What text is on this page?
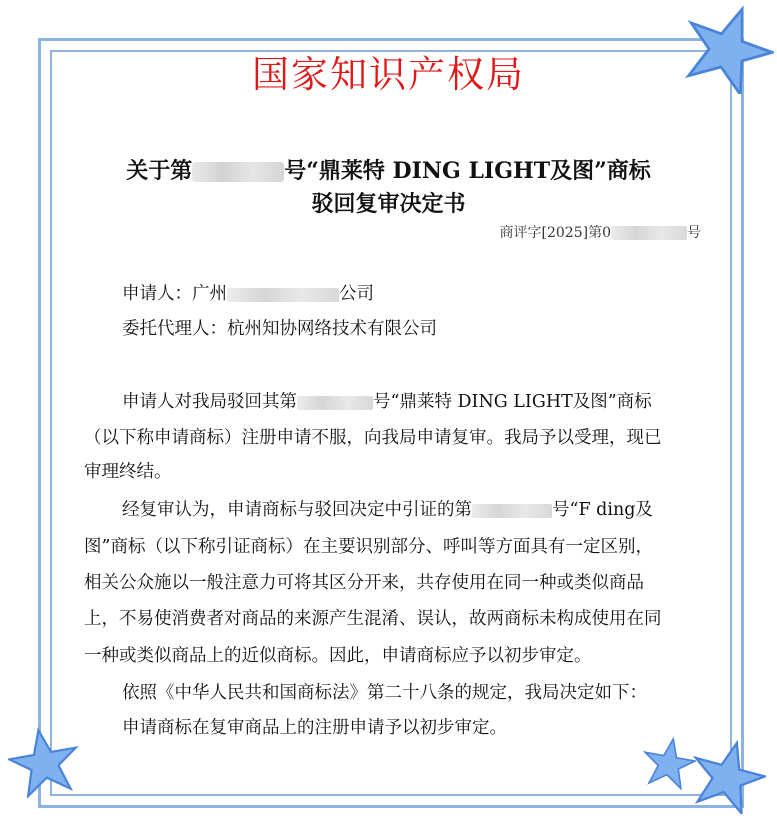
国家知识产权局
关于第	号“鼎莱特 DING LIGHT及图”商标
驳回复审决定书
商评字[2025]第0	号
申请人：广州	公司
委托代理人：杭州知协网络技术有限公司
申请人对我局驳回其第	号“鼎莱特 DING LIGHT及图”商标
（以下称申请商标）注册申请不服，向我局申请复审。我局予以受理，现已
审理终结。
经复审认为，申请商标与驳回决定中引证的第	号“F ding及
图”商标（以下称引证商标）在主要识别部分、呼叫等方面具有一定区别，
相关公众施以一般注意力可将其区分开来，共存使用在同一种或类似商品
上，不易使消费者对商品的来源产生混淆、误认，故两商标未构成使用在同
一种或类似商品上的近似商标。因此，申请商标应予以初步审定。
依照《中华人民共和国商标法》第二十八条的规定，我局决定如下：
申请商标在复审商品上的注册申请予以初步审定。
